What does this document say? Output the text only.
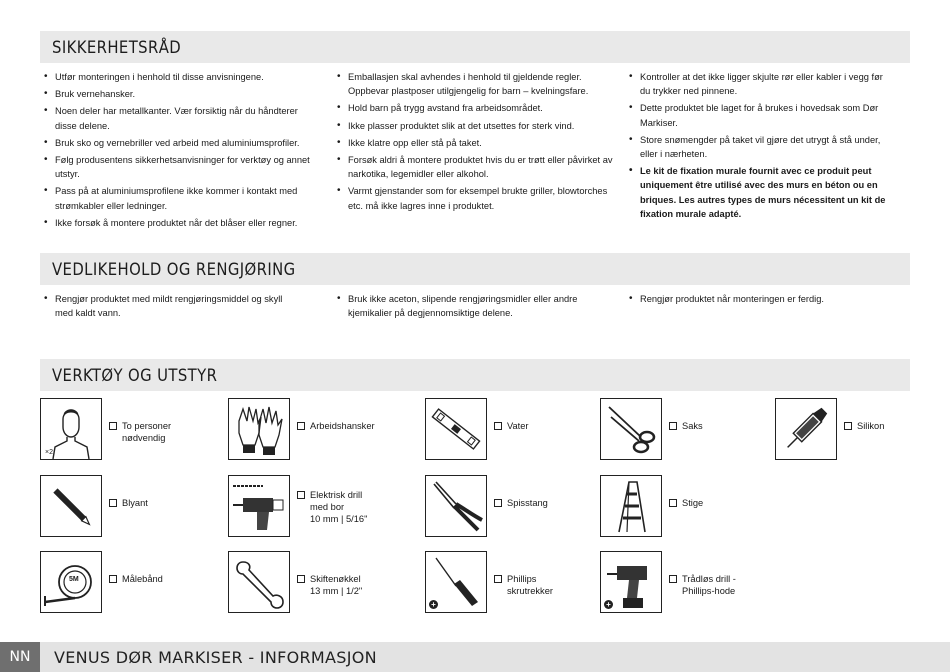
SIKKERHETSRÅD
• Utfør monteringen i henhold til disse anvisningene.
• Bruk vernehansker.
• Noen deler har metallkanter. Vær forsiktig når du håndterer disse delene.
• Bruk sko og vernebriller ved arbeid med aluminiumsprofiler.
• Følg produsentens sikkerhetsanvisninger for verktøy og annet utstyr.
• Pass på at aluminiumsprofilene ikke kommer i kontakt med strømkabler eller ledninger.
• Ikke forsøk å montere produktet når det blåser eller regner.
• Emballasjen skal avhendes i henhold til gjeldende regler. Oppbevar plastposer utilgjengelig for barn – kvelningsfare.
• Hold barn på trygg avstand fra arbeidsområdet.
• Ikke plasser produktet slik at det utsettes for sterk vind.
• Ikke klatre opp eller stå på taket.
• Forsøk aldri å montere produktet hvis du er trøtt eller påvirket av narkotika, legemidler eller alkohol.
• Varmt gjenstander som for eksempel brukte griller, blowtorches etc. må ikke lagres inne i produktet.
• Kontroller at det ikke ligger skjulte rør eller kabler i vegg før du trykker ned pinnene.
• Dette produktet ble laget for å brukes i hovedsak som Dør Markiser.
• Store snømengder på taket vil gjøre det utrygt å stå under, eller i nærheten.
• Le kit de fixation murale fournit avec ce produit peut uniquement être utilisé avec des murs en béton ou en briques. Les autres types de murs nécessitent un kit de fixation murale adapté.
VEDLIKEHOLD OG RENGJØRING
• Rengjør produktet med mildt rengjøringsmiddel og skyll med kaldt vann.
• Bruk ikke aceton, slipende rengjøringsmidler eller andre kjemikalier på degjennomsiktige delene.
• Rengjør produktet når monteringen er ferdig.
VERKTØY OG UTSTYR
×2
To personer
nødvendig
Arbeidshansker	Vater	Saks	Silikon
Blyant
Elektrisk drill
med bor
10 mm | 5/16"
Spisstang	Stige
5M	Målebånd	Skiftenøkkel
13 mm | 1/2"
+
Phillips
skrutrekker
+
Trådløs drill -
Phillips-hode
NN	VENUS DØR MARKISER - INFORMASJON
